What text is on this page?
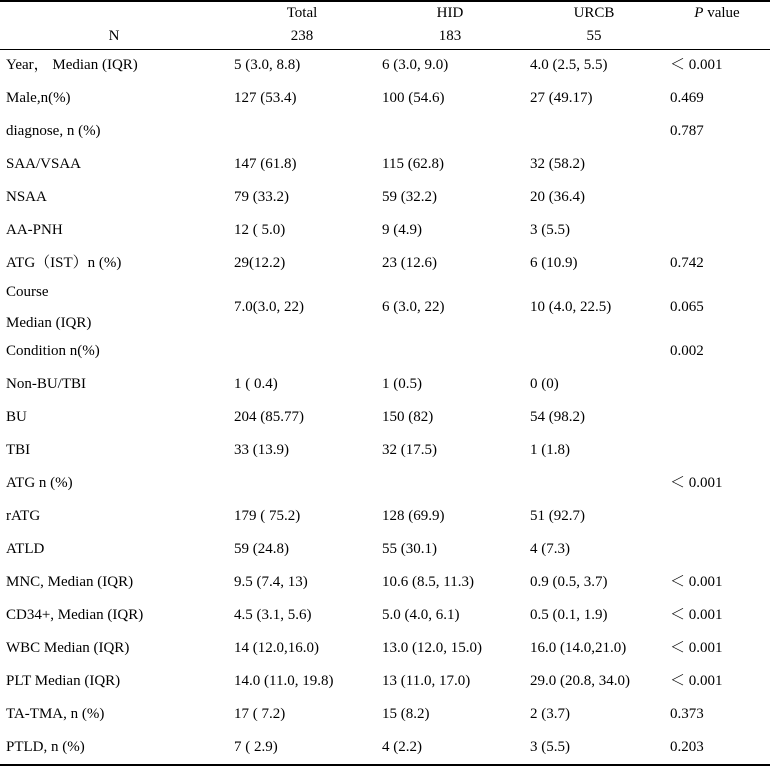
	Total	HID	URCB	P value
N	238	183	55	
Year， Median (IQR)	5 (3.0, 8.8)	6 (3.0, 9.0)	4.0 (2.5, 5.5)	＜ 0.001
Male,n(%)	127 (53.4)	100 (54.6)	27 (49.17)	0.469
diagnose, n (%)				0.787
SAA/VSAA	147 (61.8)	115 (62.8)	32 (58.2)	
NSAA	79 (33.2)	59 (32.2)	20 (36.4)	
AA-PNH	12 ( 5.0)	9 (4.9)	3 (5.5)	
ATG（IST）n (%)	29(12.2)	23 (12.6)	6 (10.9)	0.742

Course
Median (IQR)	7.0(3.0, 22)	6 (3.0, 22)	10 (4.0, 22.5)	0.065
Condition n(%)				0.002
Non-BU/TBI	1 ( 0.4)	1 (0.5)	0 (0)	
BU	204 (85.77)	150 (82)	54 (98.2)	
TBI	33 (13.9)	32 (17.5)	1 (1.8)	
ATG n (%)				＜ 0.001
rATG	179 ( 75.2)	128 (69.9)	51 (92.7)	
ATLD	59 (24.8)	55 (30.1)	4 (7.3)	
MNC, Median (IQR)	9.5 (7.4, 13)	10.6 (8.5, 11.3)	0.9 (0.5, 3.7)	＜ 0.001
CD34+, Median (IQR)	4.5 (3.1, 5.6)	5.0 (4.0, 6.1)	0.5 (0.1, 1.9)	＜ 0.001
WBC Median (IQR)	14 (12.0,16.0)	13.0 (12.0, 15.0)	16.0 (14.0,21.0)	＜ 0.001
PLT Median (IQR)	14.0 (11.0, 19.8)	13 (11.0, 17.0)	29.0 (20.8, 34.0)	＜ 0.001
TA-TMA, n (%)	17 ( 7.2)	15 (8.2)	2 (3.7)	0.373
PTLD, n (%)	7 ( 2.9)	4 (2.2)	3 (5.5)	0.203
